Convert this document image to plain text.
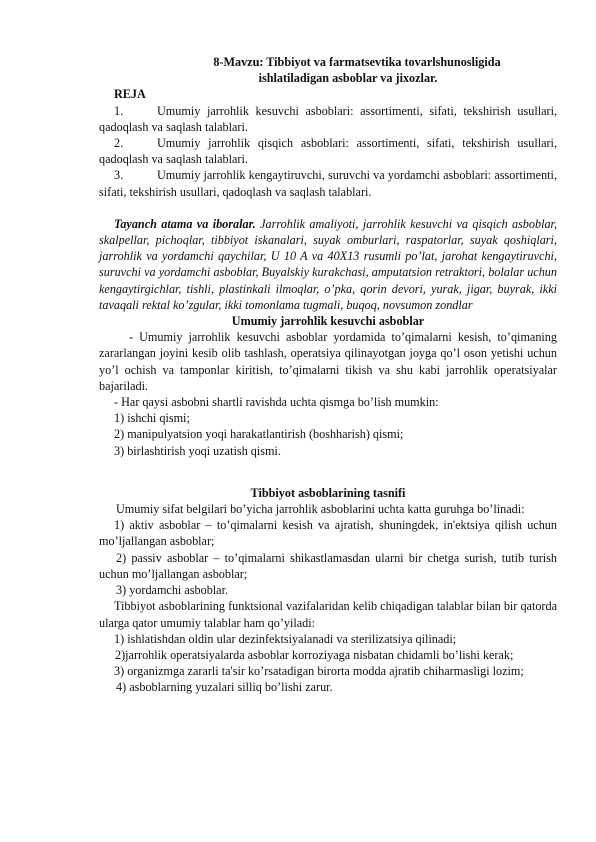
8-Mavzu: Tibbiyot va farmatsevtika tovarlshunosligida

ishlatiladigan asboblar va jixozlar.

REJA

1.	Umumiy jarrohlik kesuvchi asboblari: assortimenti, sifati, tekshirish usullari, qadoqlash va saqlash talablari.

2.	Umumiy jarrohlik qisqich asboblari: assortimenti, sifati, tekshirish usullari, qadoqlash va saqlash talablari.

3.	Umumiy jarrohlik kengaytiruvchi, suruvchi va yordamchi asboblari: assortimenti, sifati, tekshirish usullari, qadoqlash va saqlash talablari.

Tayanch atama va iboralar. Jarrohlik amaliyoti, jarrohlik kesuvchi va qisqich asboblar, skalpellar, pichoqlar, tibbiyot iskanalari, suyak omburlari, raspatorlar, suyak qoshiqlari, jarrohlik va yordamchi qaychilar, U 10 A va 40X13 rusumli po’lat, jarohat kengaytiruvchi, suruvchi va yordamchi asboblar, Buyalskiy kurakchasi, amputatsion retraktori, bolalar uchun kengaytirgichlar, tishli, plastinkali ilmoqlar, o’pka, qorin devori, yurak, jigar, buyrak, ikki tavaqali rektal ko’zgular, ikki tomonlama tugmali, buqoq, novsumon zondlar

Umumiy jarrohlik kesuvchi asboblar

- Umumiy jarrohlik kesuvchi asboblar yordamida to’qimalarni kesish, to’qimaning zararlangan joyini kesib olib tashlash, operatsiya qilinayotgan joyga qo’l oson yetishi uchun yo’l ochish va tamponlar kiritish, to’qimalarni tikish va shu kabi jarrohlik operatsiyalar bajariladi.

- Har qaysi asbobni shartli ravishda uchta qismga bo’lish mumkin:

1) ishchi qismi;

2) manipulyatsion yoqi harakatlantirish (boshharish) qismi;

3) birlashtirish yoqi uzatish qismi.

Tibbiyot asboblarining tasnifi

Umumiy sifat belgilari bo’yicha jarrohlik asboblarini uchta katta guruhga bo’linadi:

1) aktiv asboblar – to’qimalarni kesish va ajratish, shuningdek, in'ektsiya qilish uchun mo’ljallangan asboblar;

2) passiv asboblar – to’qimalarni shikastlamasdan ularni bir chetga surish, tutib turish uchun mo’ljallangan asboblar;

3) yordamchi asboblar.

Tibbiyot asboblarining funktsional vazifalaridan kelib chiqadigan talablar bilan bir qatorda ularga qator umumiy talablar ham qo’yiladi:

1) ishlatishdan oldin ular dezinfektsiyalanadi va sterilizatsiya qilinadi;

2)jarrohlik operatsiyalarda asboblar korroziyaga nisbatan chidamli bo’lishi kerak;

3) organizmga zararli ta'sir ko’rsatadigan birorta modda ajratib chiharmasligi lozim;

4) asboblarning yuzalari silliq bo’lishi zarur.
